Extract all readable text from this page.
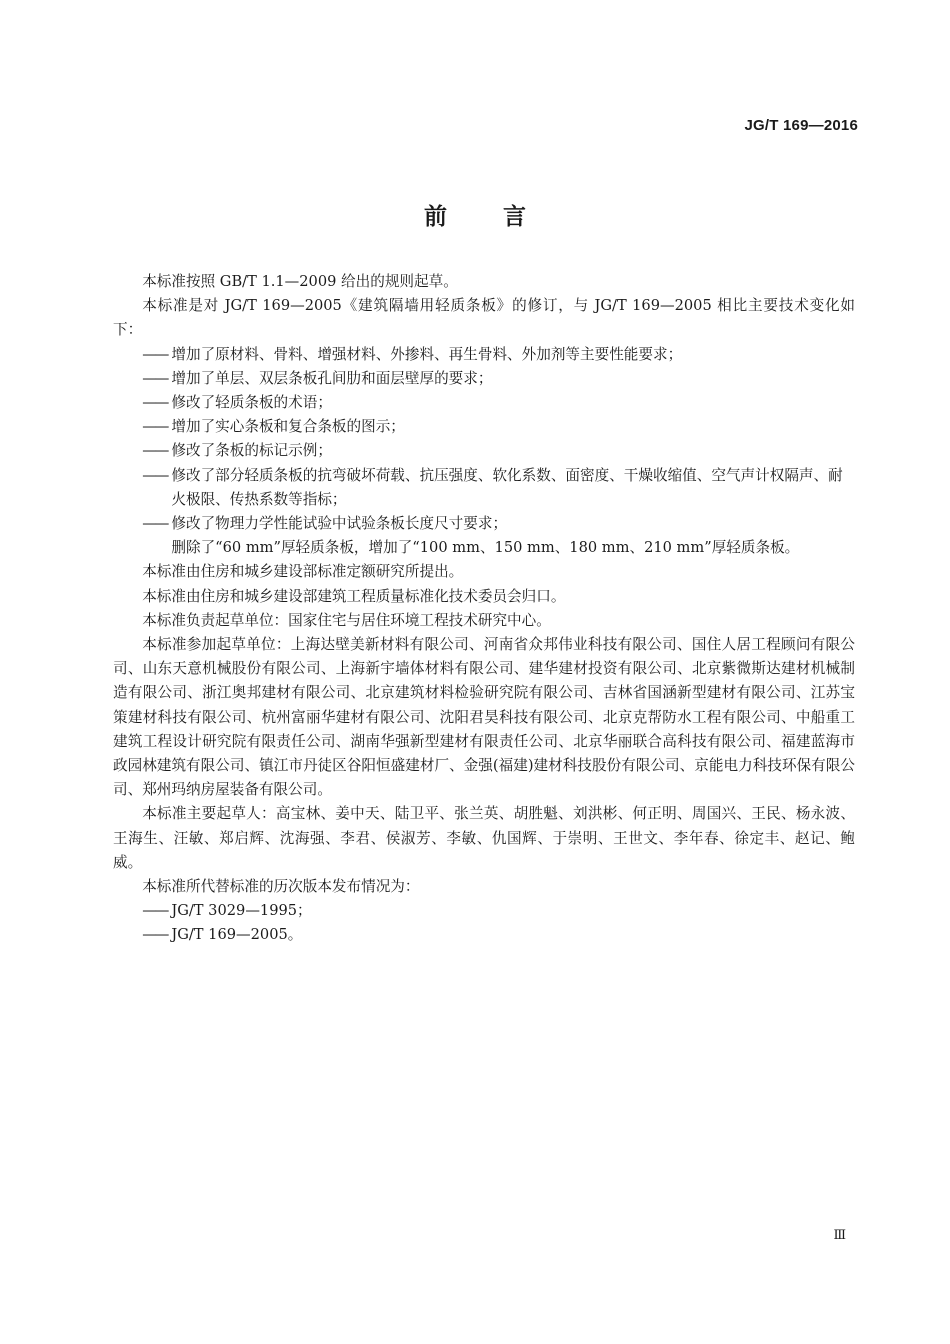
JG/T 169—2016
前言

本标准按照 GB/T 1.1—2009 给出的规则起草。

本标准是对 JG/T 169—2005《建筑隔墙用轻质条板》的修订，与 JG/T 169—2005 相比主要技术变化如下：

——增加了原材料、骨料、增强材料、外掺料、再生骨料、外加剂等主要性能要求；
——增加了单层、双层条板孔间肋和面层壁厚的要求；
——修改了轻质条板的术语；
——增加了实心条板和复合条板的图示；
——修改了条板的标记示例；
——修改了部分轻质条板的抗弯破坏荷载、抗压强度、软化系数、面密度、干燥收缩值、空气声计权隔声、耐火极限、传热系数等指标；
——修改了物理力学性能试验中试验条板长度尺寸要求；
删除了“60 mm”厚轻质条板，增加了“100 mm、150 mm、180 mm、210 mm”厚轻质条板。

本标准由住房和城乡建设部标准定额研究所提出。

本标准由住房和城乡建设部建筑工程质量标准化技术委员会归口。

本标准负责起草单位：国家住宅与居住环境工程技术研究中心。

本标准参加起草单位：上海达壁美新材料有限公司、河南省众邦伟业科技有限公司、国住人居工程顾问有限公司、山东天意机械股份有限公司、上海新宇墙体材料有限公司、建华建材投资有限公司、北京紫微斯达建材机械制造有限公司、浙江奥邦建材有限公司、北京建筑材料检验研究院有限公司、吉林省国涵新型建材有限公司、江苏宝策建材科技有限公司、杭州富丽华建材有限公司、沈阳君昊科技有限公司、北京克帮防水工程有限公司、中船重工建筑工程设计研究院有限责任公司、湖南华强新型建材有限责任公司、北京华丽联合高科技有限公司、福建蓝海市政园林建筑有限公司、镇江市丹徒区谷阳恒盛建材厂、金强(福建)建材科技股份有限公司、京能电力科技环保有限公司、郑州玛纳房屋装备有限公司。

本标准主要起草人：高宝林、姜中天、陆卫平、张兰英、胡胜魁、刘洪彬、何正明、周国兴、王民、杨永波、王海生、汪敏、郑启辉、沈海强、李君、侯淑芳、李敏、仇国辉、于崇明、王世文、李年春、徐定丰、赵记、鲍威。

本标准所代替标准的历次版本发布情况为：

——JG/T 3029—1995；
——JG/T 169—2005。
Ⅲ
